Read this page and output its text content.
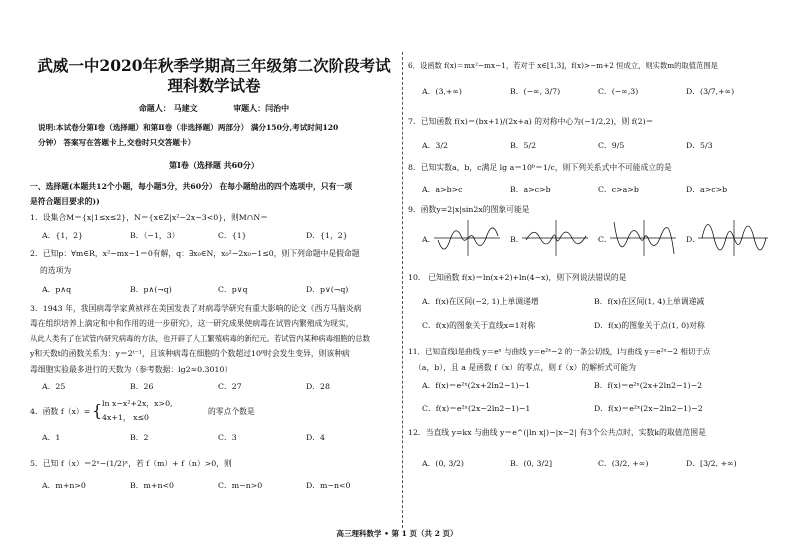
武威一中2020年秋季学期高三年级第二次阶段考试
理科数学试卷
命题人： 马建文	审题人：闫治中
说明:本试卷分第Ⅰ卷（选择题）和第Ⅱ卷（非选择题）两部分） 满分150分,考试时间120
分钟） 答案写在答题卡上,交卷时只交答题卡）
第Ⅰ卷（选择题 共60分）
一、选择题(本题共12个小题，每小题5分，共60分） 在每小题给出的四个选项中，只有一项
是符合题目要求的))
1．设集合M＝{x|1≤x≤2}，N＝{x∈Z|x²−2x−3<0}，则M∩N＝
A．{1，2}	B．（−1，3）	C．{1}	D．{1，2}
2．已知p：∀m∈R，x²−mx−1＝0有解，q：∃x₀∈N，x₀²−2x₀−1≤0，则下列命题中是假命题
的选项为
A．p∧q	B．p∧(¬q)	C．p∨q	D．p∨(¬q)
3．1943 年，我国病毒学家黄祯祥在美国发表了对病毒学研究有重大影响的论文《西方马脑炎病
毒在组织培养上滴定和中和作用的进一步研究》，这一研究成果使病毒在试管内繁殖成为现实，
从此人类有了在试管内研究病毒的方法，也开辟了人工繁殖病毒的新纪元。若试管内某种病毒细胞的总数
y和天数t的函数关系为：y＝2ᵗ⁻¹，且该种病毒在细胞的个数超过10⁸时会发生变异，则该种病
毒细胞实验最多进行的天数为（参考数据：lg2≈0.3010）
A．25	B．26	C．27	D．28
4．函数 f（x）= { ln x−x²+2x，x>0,
4x+1， x≤0
的零点个数是
A．1	B．2	C．3	D．4
5．已知 f（x）＝2ˣ−(1/2)ˣ，若 f（m）+ f（n）>0，则
A．m+n>0	B．m+n<0	C．m−n>0	D．m−n<0
6．设函数 f(x)＝mx²−mx−1，若对于 x∈[1,3]，f(x)>−m+2 恒成立，则实数m的取值范围是
A．(3,+∞)	B．(−∞, 3/7)	C．(−∞,3)	D．(3/7,+∞)
7．已知函数 f(x)＝(bx+1)/(2x+a) 的对称中心为(−1/2,2)，则 f(2)＝
A．3/2	B．5/2	C．9/5	D．5/3
8．已知实数a，b，c满足 lg a＝10ᵇ＝1/c，则下列关系式中不可能成立的是
A．a>b>c	B．a>c>b	C．c>a>b	D．a>c>b
9．函数y=2|x|sin2x的图象可能是
A．	B．	C．	D．
10． 已知函数 f(x)＝ln(x+2)+ln(4−x)，则下列说法错误的是
A．f(x)在区间(−2, 1)上单调递增	B．f(x)在区间(1, 4)上单调递减
C．f(x)的图象关于直线x=1对称	D．f(x)的图象关于点(1, 0)对称
11．已知直线l是曲线 y＝eˣ 与曲线 y＝e²ˣ−2 的一条公切线，l与曲线 y＝e²ˣ−2 相切于点
（a，b），且 a 是函数 f（x）的零点，则 f（x）的解析式可能为
A．f(x)＝e²ˣ(2x+2ln2−1)−1	B．f(x)＝e²ˣ(2x+2ln2−1)−2
C．f(x)＝e²ˣ(2x−2ln2−1)−1	D．f(x)＝e²ˣ(2x−2ln2−1)−2
12．当直线 y=kx 与曲线 y＝e^(|ln x|)−|x−2| 有3个公共点时，实数k的取值范围是
A．(0, 3/2)	B．(0, 3/2]	C．(3/2, +∞)	D．[3/2, +∞)
高三理科数学 • 第 1 页（共 2 页）
